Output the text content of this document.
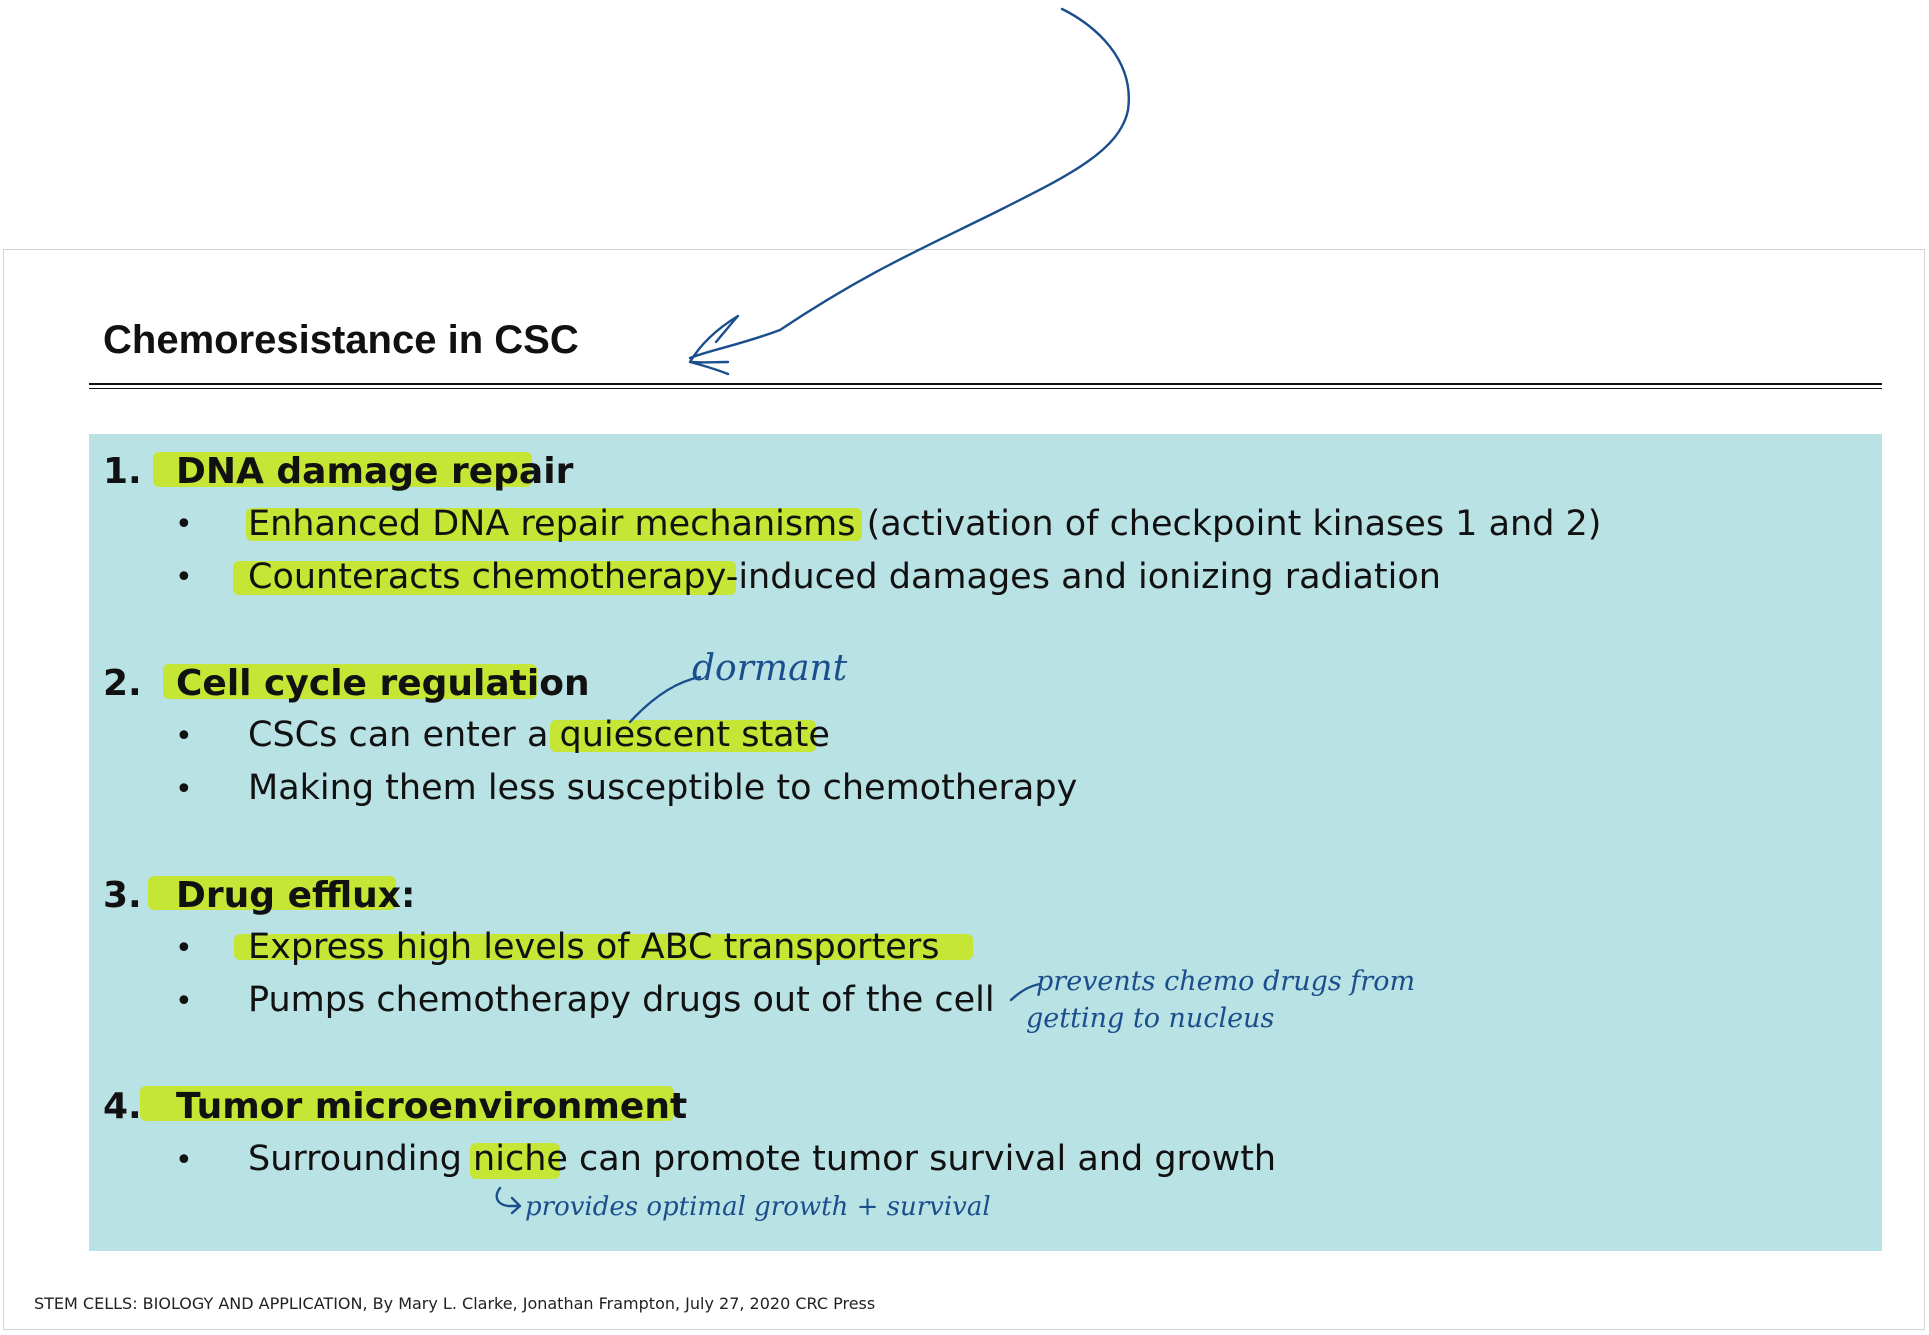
Chemoresistance in CSC
1. DNA damage repair
• Enhanced DNA repair mechanisms (activation of checkpoint kinases 1 and 2)
• Counteracts chemotherapy-induced damages and ionizing radiation
2. Cell cycle regulation
• CSCs can enter a quiescent state
• Making them less susceptible to chemotherapy
3. Drug efflux:
• Express high levels of ABC transporters
• Pumps chemotherapy drugs out of the cell
4. Tumor microenvironment
• Surrounding niche can promote tumor survival and growth
STEM CELLS: BIOLOGY AND APPLICATION, By Mary L. Clarke, Jonathan Frampton, July 27, 2020 CRC Press
dormant
prevents chemo drugs from
getting to nucleus
provides optimal growth + survival
